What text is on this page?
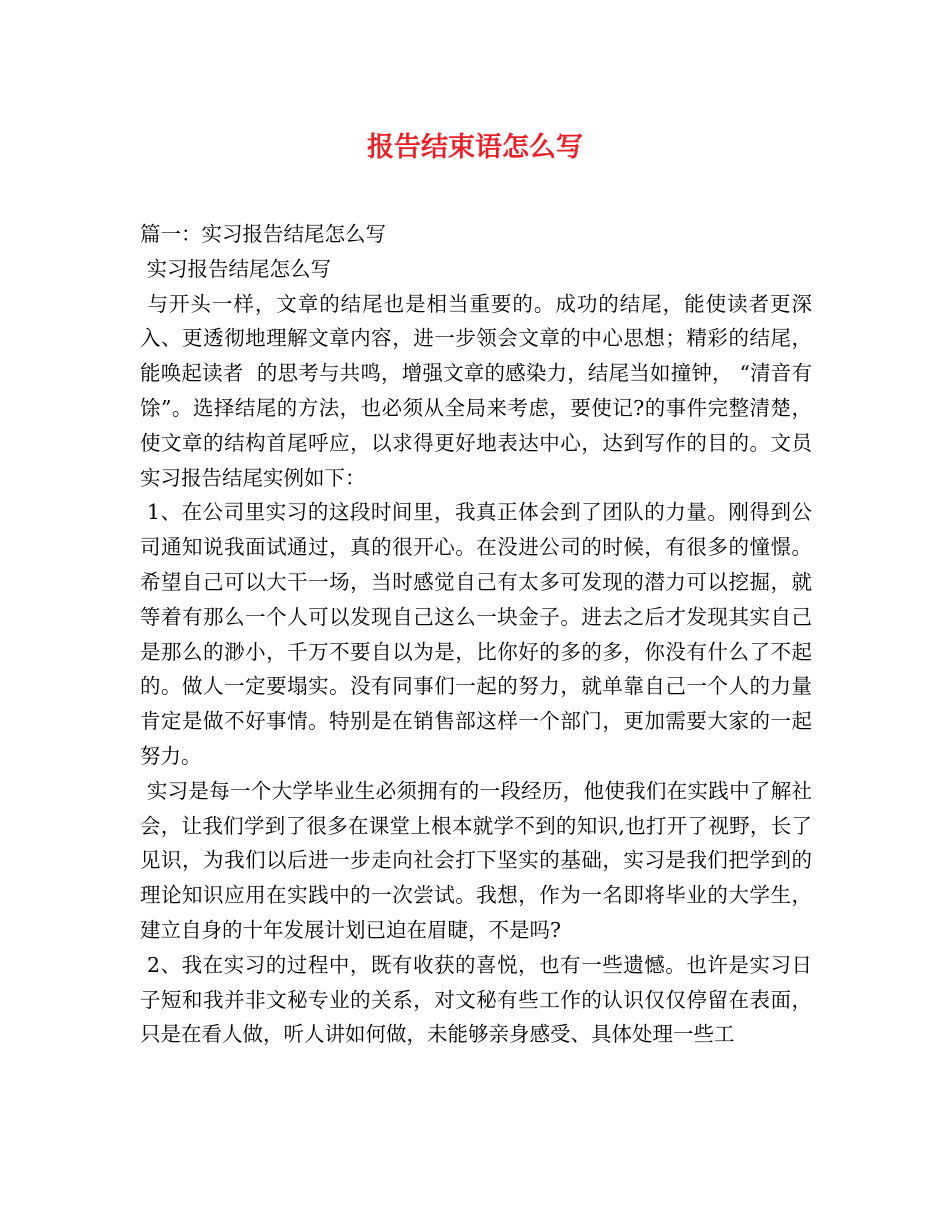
报告结束语怎么写

篇一：实习报告结尾怎么写

实习报告结尾怎么写

与开头一样，文章的结尾也是相当重要的。成功的结尾，能使读者更深入、更透彻地理解文章内容，进一步领会文章的中心思想；精彩的结尾，能唤起读者  的思考与共鸣，增强文章的感染力，结尾当如撞钟， “清音有馀”。选择结尾的方法，也必须从全局来考虑，要使记?的事件完整清楚，使文章的结构首尾呼应，以求得更好地表达中心，达到写作的目的。文员实习报告结尾实例如下：

1、在公司里实习的这段时间里，我真正体会到了团队的力量。刚得到公司通知说我面试通过，真的很开心。在没进公司的时候，有很多的憧憬。希望自己可以大干一场，当时感觉自己有太多可发现的潜力可以挖掘，就等着有那么一个人可以发现自己这么一块金子。进去之后才发现其实自己是那么的渺小，千万不要自以为是，比你好的多的多，你没有什么了不起的。做人一定要塌实。没有同事们一起的努力，就单靠自己一个人的力量肯定是做不好事情。特别是在销售部这样一个部门，更加需要大家的一起努力。

实习是每一个大学毕业生必须拥有的一段经历，他使我们在实践中了解社会，让我们学到了很多在课堂上根本就学不到的知识,也打开了视野，长了见识，为我们以后进一步走向社会打下坚实的基础，实习是我们把学到的理论知识应用在实践中的一次尝试。我想，作为一名即将毕业的大学生，建立自身的十年发展计划已迫在眉睫，不是吗?

2、我在实习的过程中，既有收获的喜悦，也有一些遗憾。也许是实习日子短和我并非文秘专业的关系，对文秘有些工作的认识仅仅停留在表面，只是在看人做，听人讲如何做，未能够亲身感受、具体处理一些工
